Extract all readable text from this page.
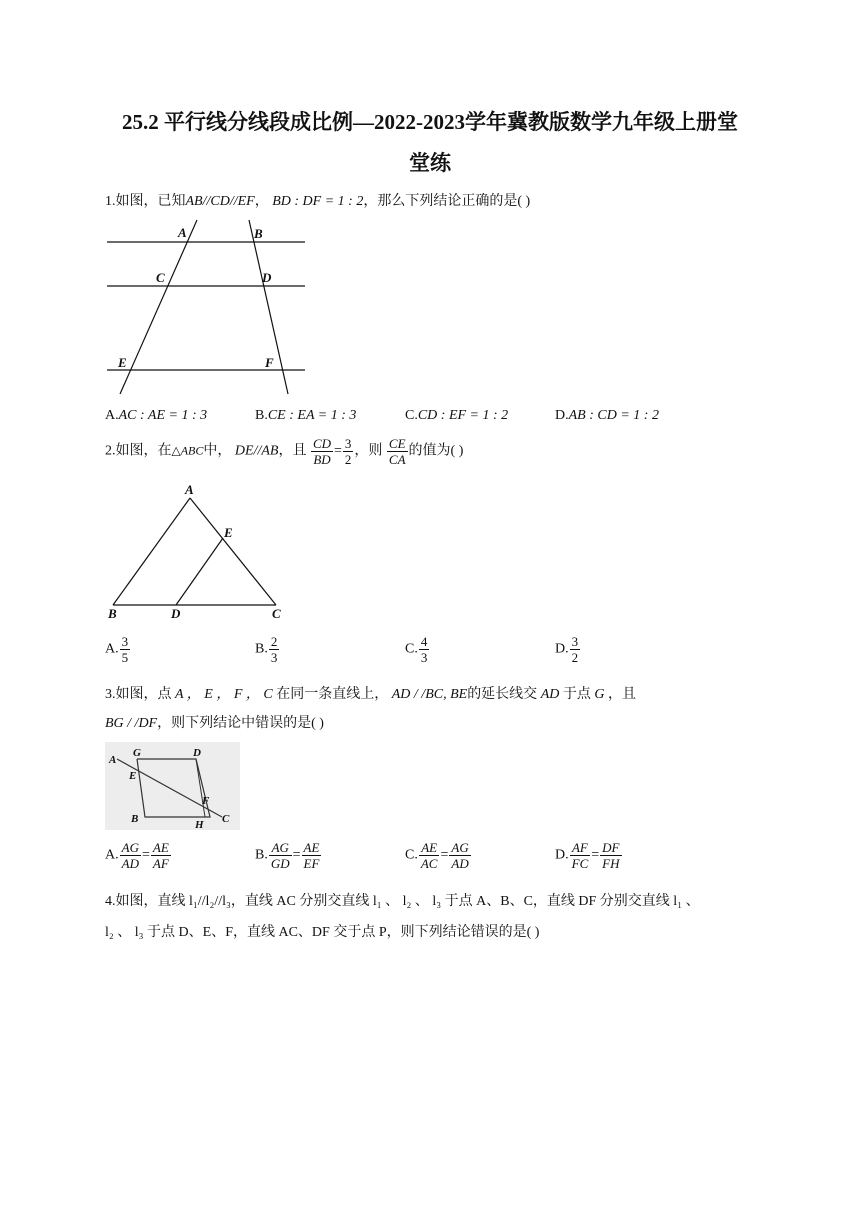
25.2 平行线分线段成比例—2022-2023学年冀教版数学九年级上册堂
堂练
1.如图，已知AB//CD//EF， BD : DF = 1 : 2，那么下列结论正确的是( )
A	B
C	D
E	F
A.AC : AE = 1 : 3	B.CE : EA = 1 : 3	C.CD : EF = 1 : 2	D.AB : CD = 1 : 2
2.如图，在△ABC中， DE//AB，且 $\frac{CD}{BD} = \frac{3}{2}$ ，则 $\frac{CE}{CA}$ 的值为( )
A
B	C
D
E
A. $\frac{3}{5}$	B. $\frac{2}{3}$	C. $\frac{4}{3}$	D. $\frac{3}{2}$
3.如图，点 A ， E ， F ， C 在同一条直线上， AD / /BC, BE的延长线交 AD 于点 G ，且
BG / /DF，则下列结论中错误的是( )
A
G	D
E
F
B	H C
A. $\frac{AG}{AD} = \frac{AE}{AF}$	B. $\frac{AG}{GD} = \frac{AE}{EF}$	C. $\frac{AE}{AC} = \frac{AG}{AD}$	D. $\frac{AF}{FC} = \frac{DF}{FH}$
4.如图，直线 l₁//l₂//l₃，直线 AC 分别交直线 l₁ 、 l₂ 、 l₃ 于点 A、B、C，直线 DF 分别交直线 l₁ 、
l₂ 、 l₃ 于点 D、E、F，直线 AC、DF 交于点 P，则下列结论错误的是( )
